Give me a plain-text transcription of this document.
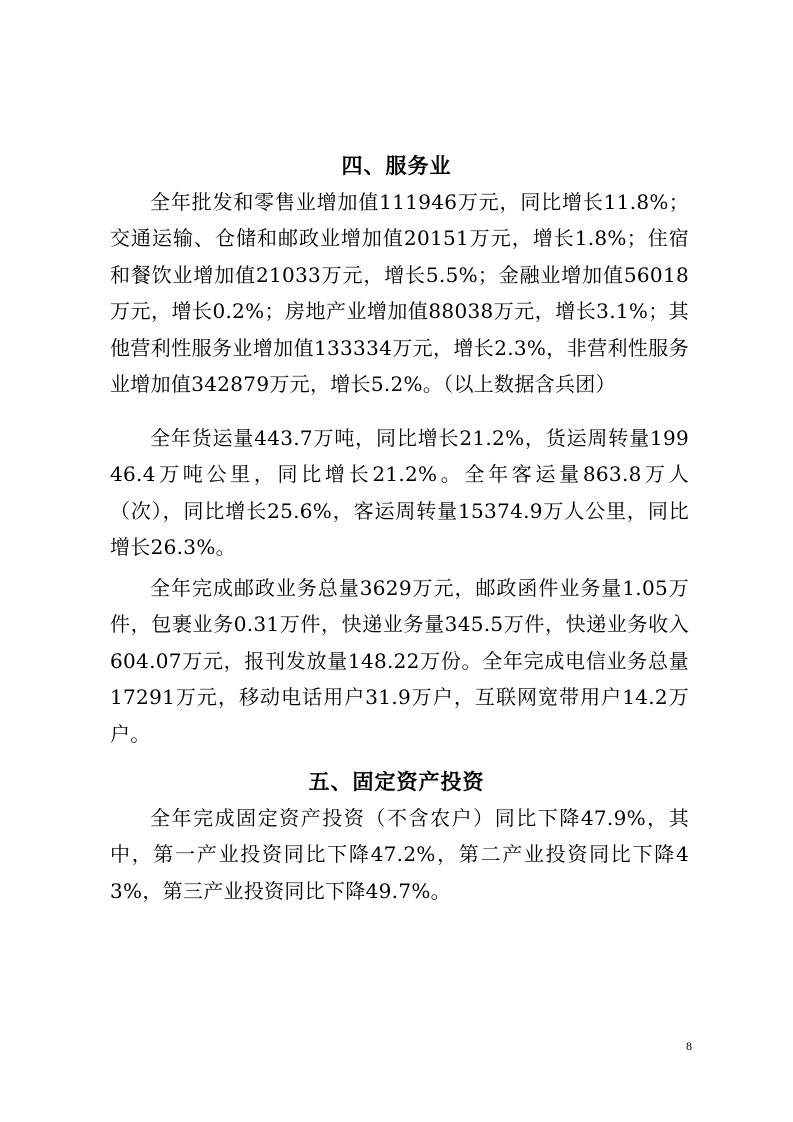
四、服务业

全年批发和零售业增加值111946万元，同比增长11.8%；交通运输、仓储和邮政业增加值20151万元，增长1.8%；住宿和餐饮业增加值21033万元，增长5.5%；金融业增加值56018万元，增长0.2%；房地产业增加值88038万元，增长3.1%；其他营利性服务业增加值133334万元，增长2.3%，非营利性服务业增加值342879万元，增长5.2%。（以上数据含兵团）

全年货运量443.7万吨，同比增长21.2%，货运周转量19946.4万吨公里，同比增长21.2%。全年客运量863.8万人（次），同比增长25.6%，客运周转量15374.9万人公里，同比增长26.3%。

全年完成邮政业务总量3629万元，邮政函件业务量1.05万件，包裹业务0.31万件，快递业务量345.5万件，快递业务收入604.07万元，报刊发放量148.22万份。全年完成电信业务总量17291万元，移动电话用户31.9万户，互联网宽带用户14.2万户。

五、固定资产投资

全年完成固定资产投资（不含农户）同比下降47.9%，其中，第一产业投资同比下降47.2%，第二产业投资同比下降43%，第三产业投资同比下降49.7%。

8
